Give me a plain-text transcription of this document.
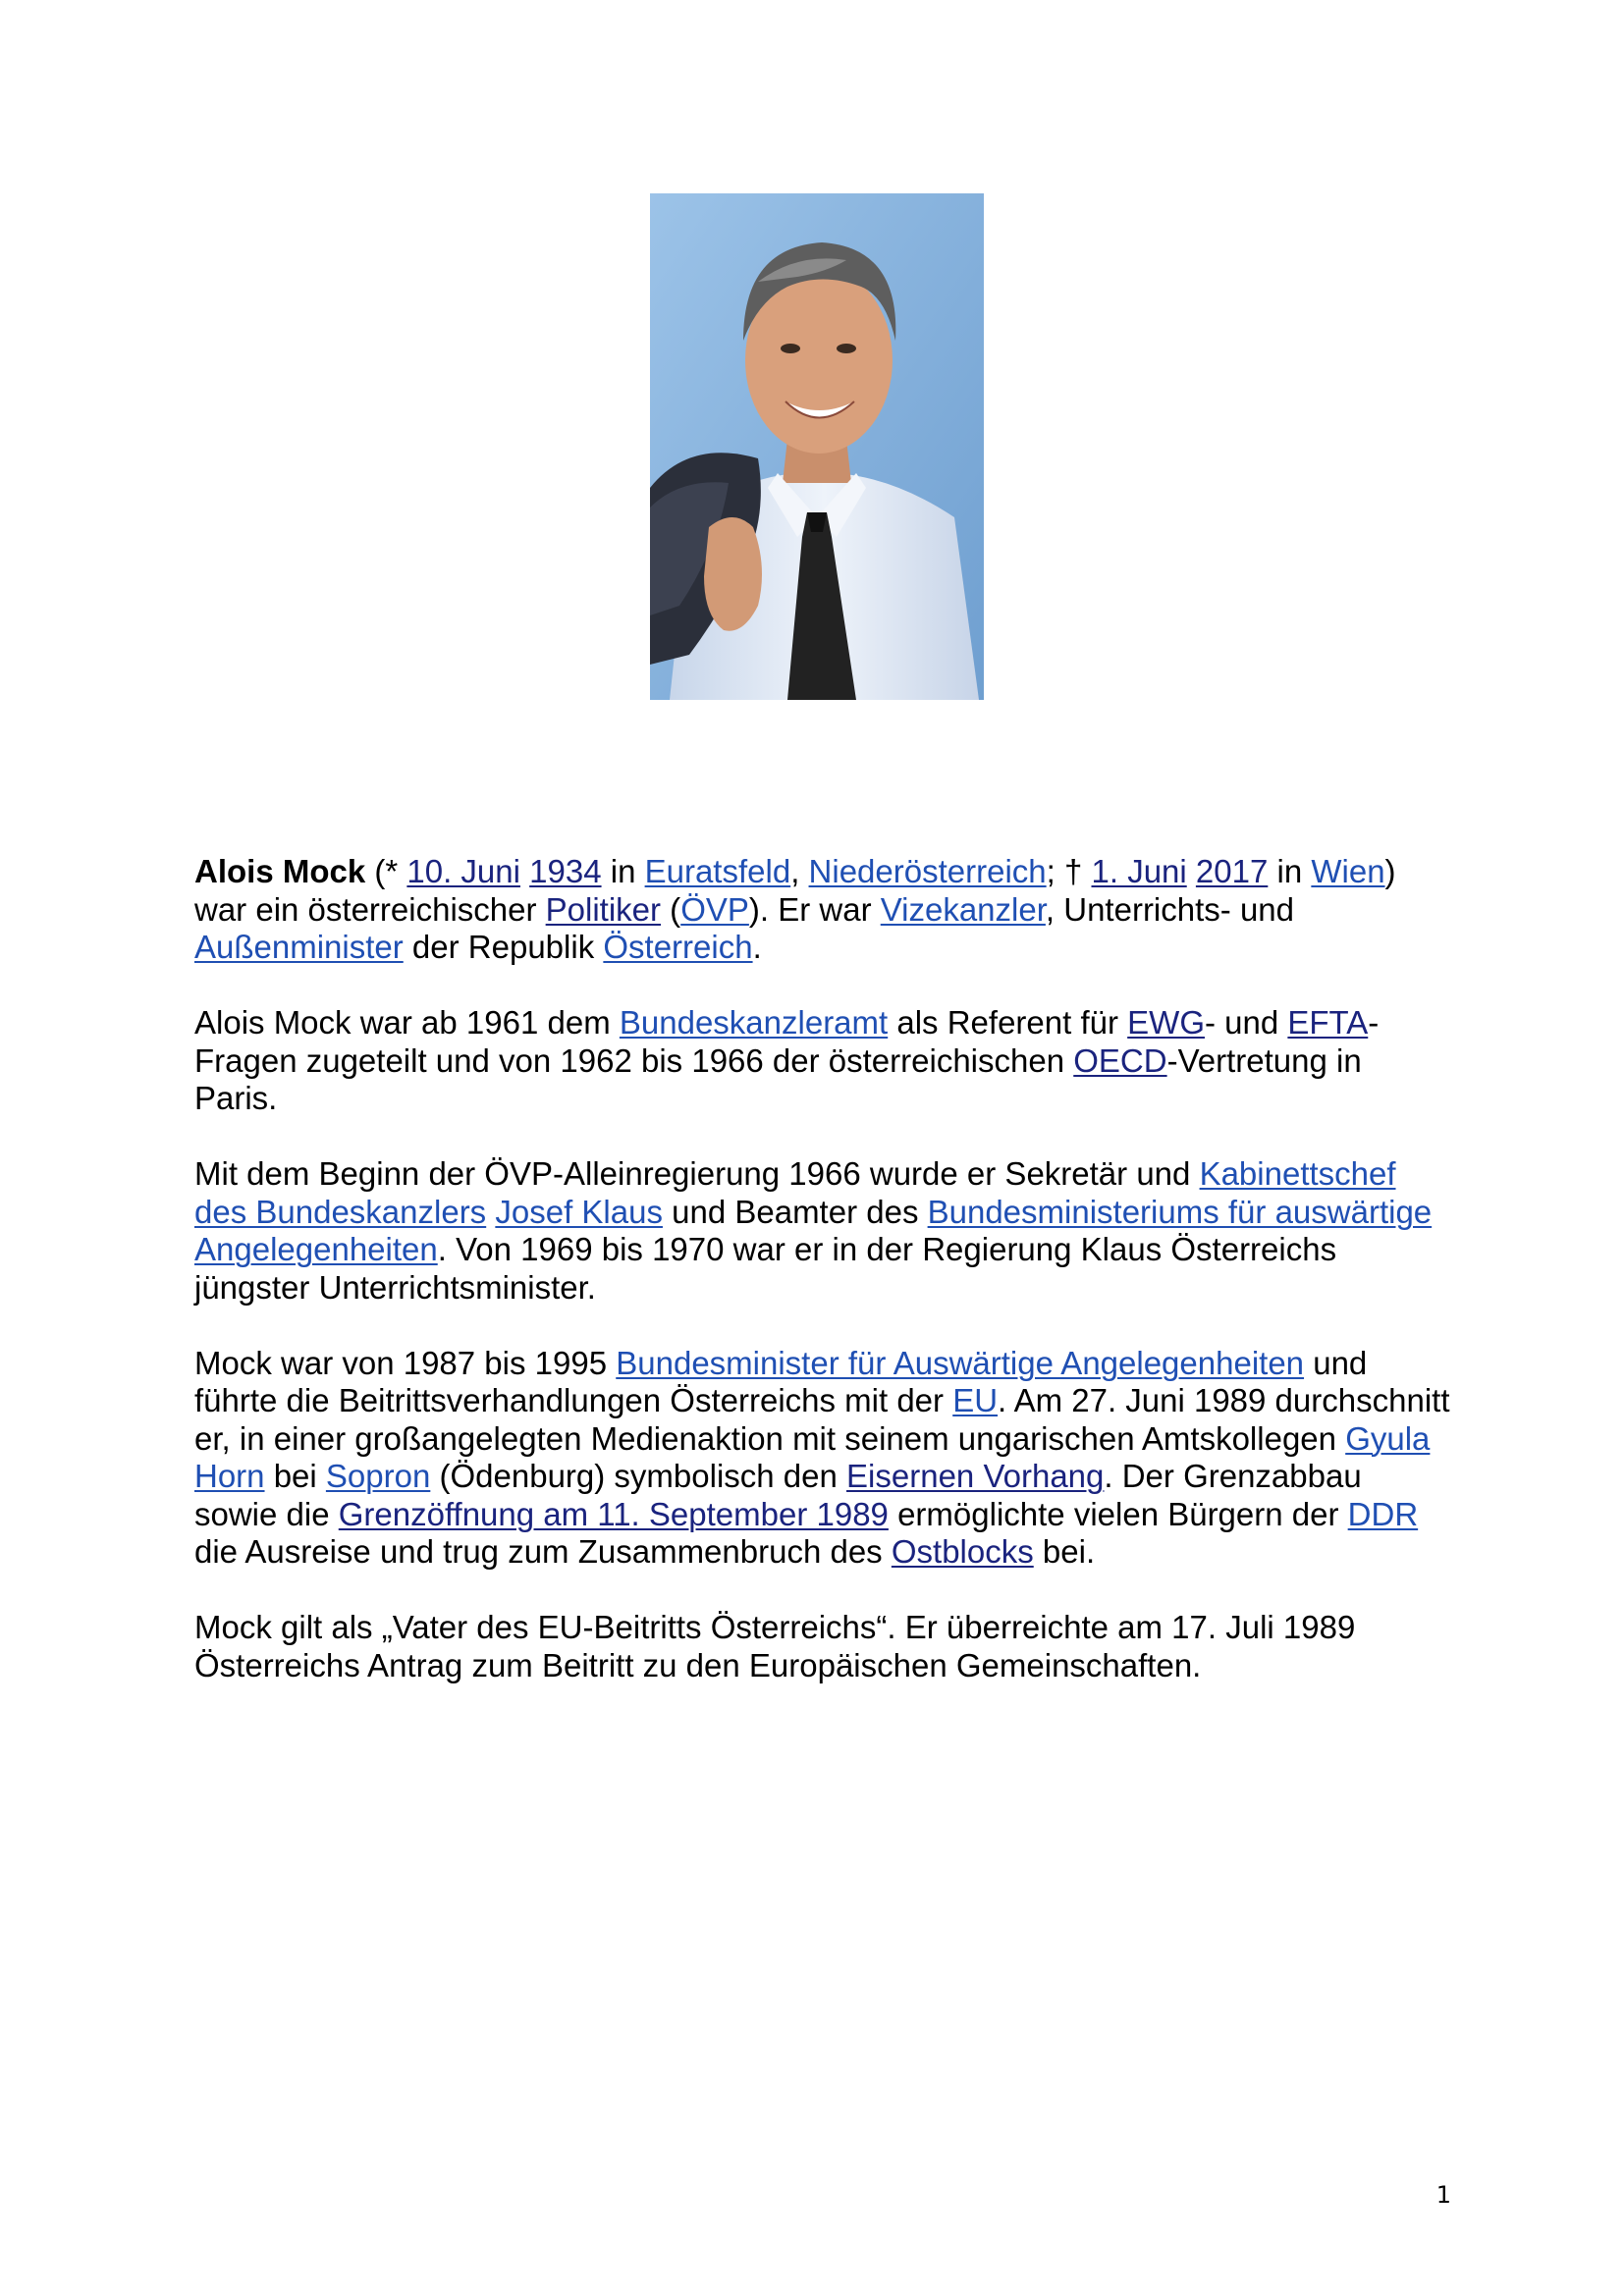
Alois Mock (* 10. Juni 1934 in Euratsfeld, Niederösterreich; † 1. Juni 2017 in Wien) war ein österreichischer Politiker (ÖVP). Er war Vizekanzler, Unterrichts- und Außenminister der Republik Österreich.

Alois Mock war ab 1961 dem Bundeskanzleramt als Referent für EWG- und EFTA-Fragen zugeteilt und von 1962 bis 1966 der österreichischen OECD-Vertretung in Paris.

Mit dem Beginn der ÖVP-Alleinregierung 1966 wurde er Sekretär und Kabinettschef des Bundeskanzlers Josef Klaus und Beamter des Bundesministeriums für auswärtige Angelegenheiten. Von 1969 bis 1970 war er in der Regierung Klaus Österreichs jüngster Unterrichtsminister.

Mock war von 1987 bis 1995 Bundesminister für Auswärtige Angelegenheiten und führte die Beitrittsverhandlungen Österreichs mit der EU. Am 27. Juni 1989 durchschnitt er, in einer großangelegten Medienaktion mit seinem ungarischen Amtskollegen Gyula Horn bei Sopron (Ödenburg) symbolisch den Eisernen Vorhang. Der Grenzabbau sowie die Grenzöffnung am 11. September 1989 ermöglichte vielen Bürgern der DDR die Ausreise und trug zum Zusammenbruch des Ostblocks bei.

Mock gilt als „Vater des EU-Beitritts Österreichs“. Er überreichte am 17. Juli 1989 Österreichs Antrag zum Beitritt zu den Europäischen Gemeinschaften.

1
